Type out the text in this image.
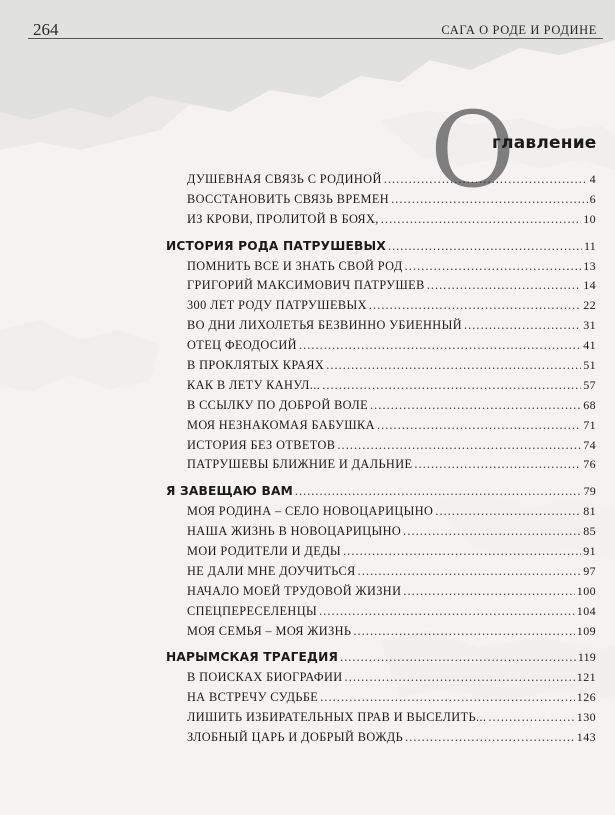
264	САГА О РОДЕ И РОДИНЕ
О
главление
ДУШЕВНАЯ СВЯЗЬ С РОДИНОЙ . . .	4
ВОССТАНОВИТЬ СВЯЗЬ ВРЕМЕН . . .	6
ИЗ КРОВИ, ПРОЛИТОЙ В БОЯХ, . . .	10
ИСТОРИЯ РОДА ПАТРУШЕВЫХ . . .	11
ПОМНИТЬ ВСЕ И ЗНАТЬ СВОЙ РОД . . .	13
ГРИГОРИЙ МАКСИМОВИЧ ПАТРУШЕВ . . .	14
300 ЛЕТ РОДУ ПАТРУШЕВЫХ . . .	22
ВО ДНИ ЛИХОЛЕТЬЯ БЕЗВИННО УБИЕННЫЙ . . .	31
ОТЕЦ ФЕОДОСИЙ . . .	41
В ПРОКЛЯТЫХ КРАЯХ . . .	51
КАК В ЛЕТУ КАНУЛ... . . .	57
В ССЫЛКУ ПО ДОБРОЙ ВОЛЕ . . .	68
МОЯ НЕЗНАКОМАЯ БАБУШКА . . .	71
ИСТОРИЯ БЕЗ ОТВЕТОВ . . .	74
ПАТРУШЕВЫ БЛИЖНИЕ И ДАЛЬНИЕ . . .	76
Я ЗАВЕЩАЮ ВАМ . . .	79
МОЯ РОДИНА – СЕЛО НОВОЦАРИЦЫНО . . .	81
НАША ЖИЗНЬ В НОВОЦАРИЦЫНО . . .	85
МОИ РОДИТЕЛИ И ДЕДЫ . . .	91
НЕ ДАЛИ МНЕ ДОУЧИТЬСЯ . . .	97
НАЧАЛО МОЕЙ ТРУДОВОЙ ЖИЗНИ . . .	100
СПЕЦПЕРЕСЕЛЕНЦЫ . . .	104
МОЯ СЕМЬЯ – МОЯ ЖИЗНЬ . . .	109
НАРЫМСКАЯ ТРАГЕДИЯ . . .	119
В ПОИСКАХ БИОГРАФИИ . . .	121
НА ВСТРЕЧУ СУДЬБЕ . . .	126
ЛИШИТЬ ИЗБИРАТЕЛЬНЫХ ПРАВ И ВЫСЕЛИТЬ... . . .	130
ЗЛОБНЫЙ ЦАРЬ И ДОБРЫЙ ВОЖДЬ . . .	143
